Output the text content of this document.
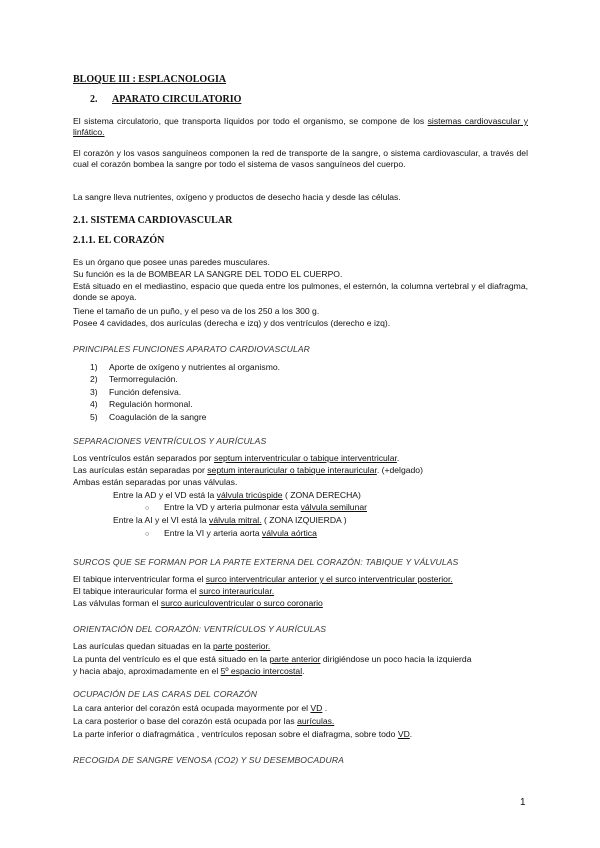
BLOQUE III : ESPLACNOLOGIA
2. APARATO CIRCULATORIO
El sistema circulatorio, que transporta líquidos por todo el organismo, se compone de los sistemas cardiovascular y linfático.
El corazón y los vasos sanguíneos componen la red de transporte de la sangre, o sistema cardiovascular, a través del cual el corazón bombea la sangre por todo el sistema de vasos sanguíneos del cuerpo.
La sangre lleva nutrientes, oxígeno y productos de desecho hacia y desde las células.
2.1. SISTEMA CARDIOVASCULAR
2.1.1. EL CORAZÓN
Es un órgano que posee unas paredes musculares.
Su función es la de BOMBEAR LA SANGRE DEL TODO EL CUERPO.
Está situado en el mediastino, espacio que queda entre los pulmones, el esternón, la columna vertebral y el diafragma, donde se apoya.
Tiene el tamaño de un puño, y el peso va de los 250 a los 300 g.
Posee 4 cavidades, dos aurículas (derecha e izq) y dos ventrículos (derecho e izq).
PRINCIPALES FUNCIONES APARATO CARDIOVASCULAR
1) Aporte de oxígeno y nutrientes al organismo.
2) Termorregulación.
3) Función defensiva.
4) Regulación hormonal.
5) Coagulación de la sangre
SEPARACIONES VENTRÍCULOS Y AURÍCULAS
Los ventrículos están separados por septum interventricular o tabique interventricular.
Las aurículas están separadas por septum interauricular o tabique interauricular. (+delgado)
Ambas están separadas por unas válvulas.
Entre la AD y el VD está la válvula tricúspide ( ZONA DERECHA)
○ Entre la VD y arteria pulmonar esta válvula semilunar
Entre la AI y el VI está la válvula mitral. ( ZONA IZQUIERDA )
○ Entre la VI y arteria aorta válvula aórtica
SURCOS QUE SE FORMAN POR LA PARTE EXTERNA DEL CORAZÓN: TABIQUE Y VÁLVULAS
El tabique interventricular forma el surco interventricular anterior y el surco interventricular posterior.
El tabique interauricular forma el surco interauricular.
Las válvulas forman el surco auriculoventricular o surco coronario
ORIENTACIÓN DEL CORAZÓN: VENTRÍCULOS Y AURÍCULAS
Las aurículas quedan situadas en la parte posterior.
La punta del ventrículo es el que está situado en la parte anterior dirigiéndose un poco hacia la izquierda
y hacia abajo, aproximadamente en el 5º espacio intercostal.
OCUPACIÓN DE LAS CARAS DEL CORAZÓN
La cara anterior del corazón está ocupada mayormente por el VD .
La cara posterior o base del corazón está ocupada por las aurículas.
La parte inferior o diafragmática , ventrículos reposan sobre el diafragma, sobre todo VD.
RECOGIDA DE SANGRE VENOSA (CO2) Y SU DESEMBOCADURA
1
